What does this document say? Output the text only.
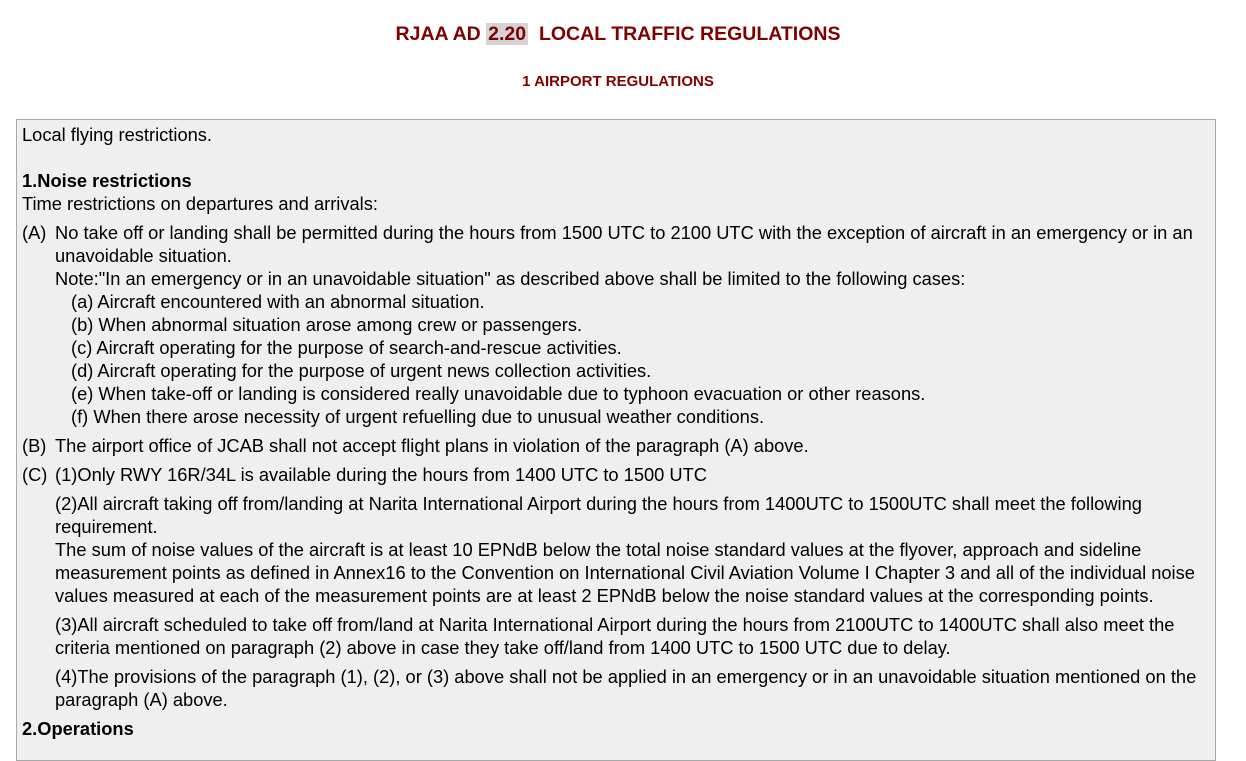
RJAA AD 2.20 LOCAL TRAFFIC REGULATIONS
1 AIRPORT REGULATIONS

Local flying restrictions.

1.Noise restrictions

Time restrictions on departures and arrivals:

(A) No take off or landing shall be permitted during the hours from 1500 UTC to 2100 UTC with the exception of aircraft in an emergency or in an unavoidable situation.

Note:"In an emergency or in an unavoidable situation" as described above shall be limited to the following cases:

(a) Aircraft encountered with an abnormal situation.

(b) When abnormal situation arose among crew or passengers.

(c) Aircraft operating for the purpose of search-and-rescue activities.

(d) Aircraft operating for the purpose of urgent news collection activities.

(e) When take-off or landing is considered really unavoidable due to typhoon evacuation or other reasons.

(f) When there arose necessity of urgent refuelling due to unusual weather conditions.

(B) The airport office of JCAB shall not accept flight plans in violation of the paragraph (A) above.

(C) (1)Only RWY 16R/34L is available during the hours from 1400 UTC to 1500 UTC

(2)All aircraft taking off from/landing at Narita International Airport during the hours from 1400UTC to 1500UTC shall meet the following requirement.

The sum of noise values of the aircraft is at least 10 EPNdB below the total noise standard values at the flyover, approach and sideline measurement points as defined in Annex16 to the Convention on International Civil Aviation Volume I Chapter 3 and all of the individual noise values measured at each of the measurement points are at least 2 EPNdB below the noise standard values at the corresponding points.

(3)All aircraft scheduled to take off from/land at Narita International Airport during the hours from 2100UTC to 1400UTC shall also meet the criteria mentioned on paragraph (2) above in case they take off/land from 1400 UTC to 1500 UTC due to delay.

(4)The provisions of the paragraph (1), (2), or (3) above shall not be applied in an emergency or in an unavoidable situation mentioned on the paragraph (A) above.

2.Operations
